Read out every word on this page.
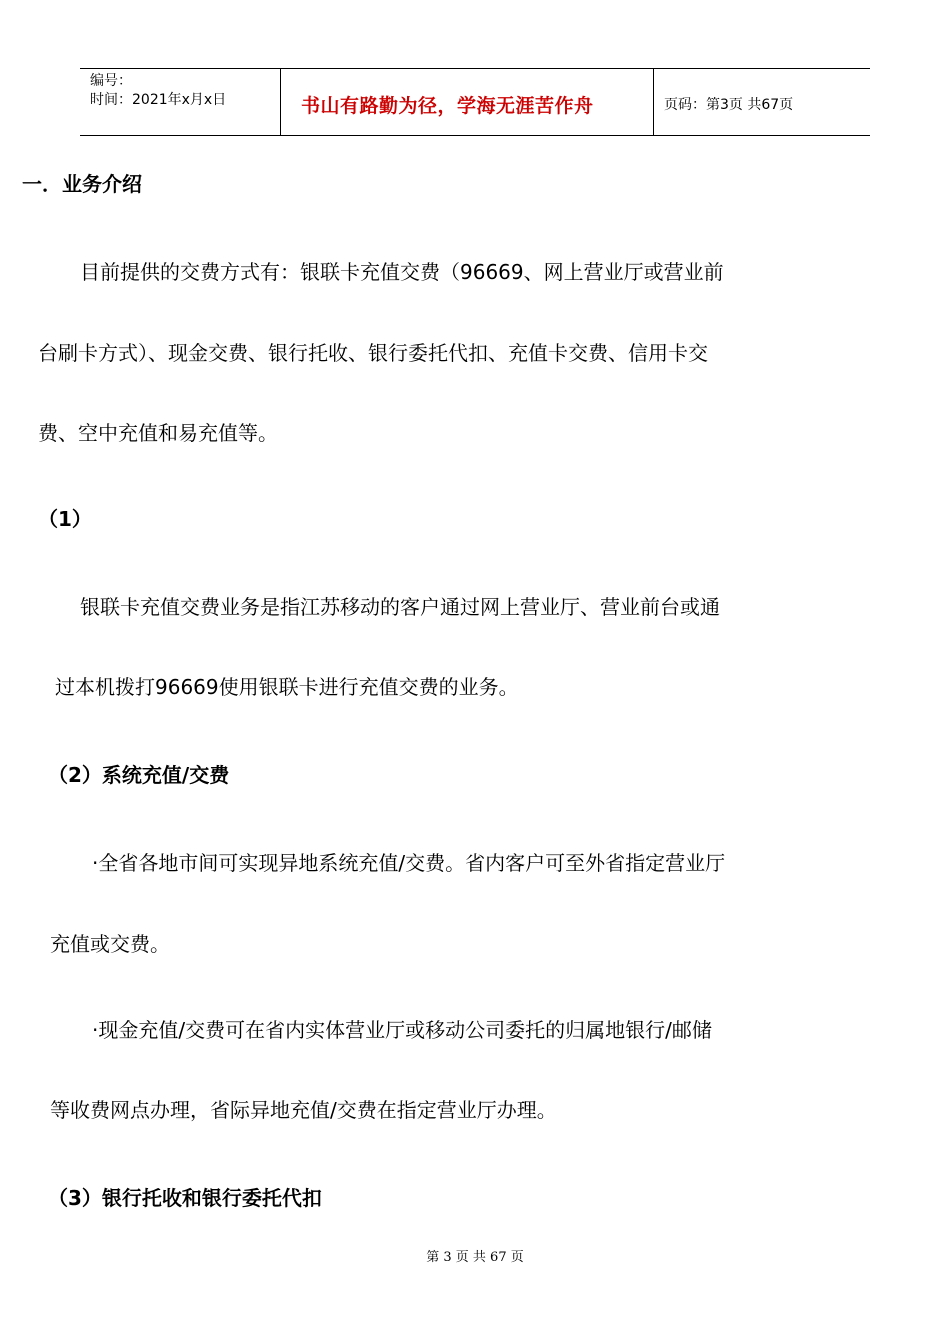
编号：
时间：2021年x月x日	书山有路勤为径，学海无涯苦作舟	页码：第3页 共67页
一．业务介绍
目前提供的交费方式有：银联卡充值交费（96669、网上营业厅或营业前
台刷卡方式）、现金交费、银行托收、银行委托代扣、充值卡交费、信用卡交
费、空中充值和易充值等。
（1）
银联卡充值交费业务是指江苏移动的客户通过网上营业厅、营业前台或通
过本机拨打96669使用银联卡进行充值交费的业务。
（2）系统充值/交费
·全省各地市间可实现异地系统充值/交费。省内客户可至外省指定营业厅
充值或交费。
·现金充值/交费可在省内实体营业厅或移动公司委托的归属地银行/邮储
等收费网点办理，省际异地充值/交费在指定营业厅办理。
（3）银行托收和银行委托代扣
第 3 页 共 67 页
